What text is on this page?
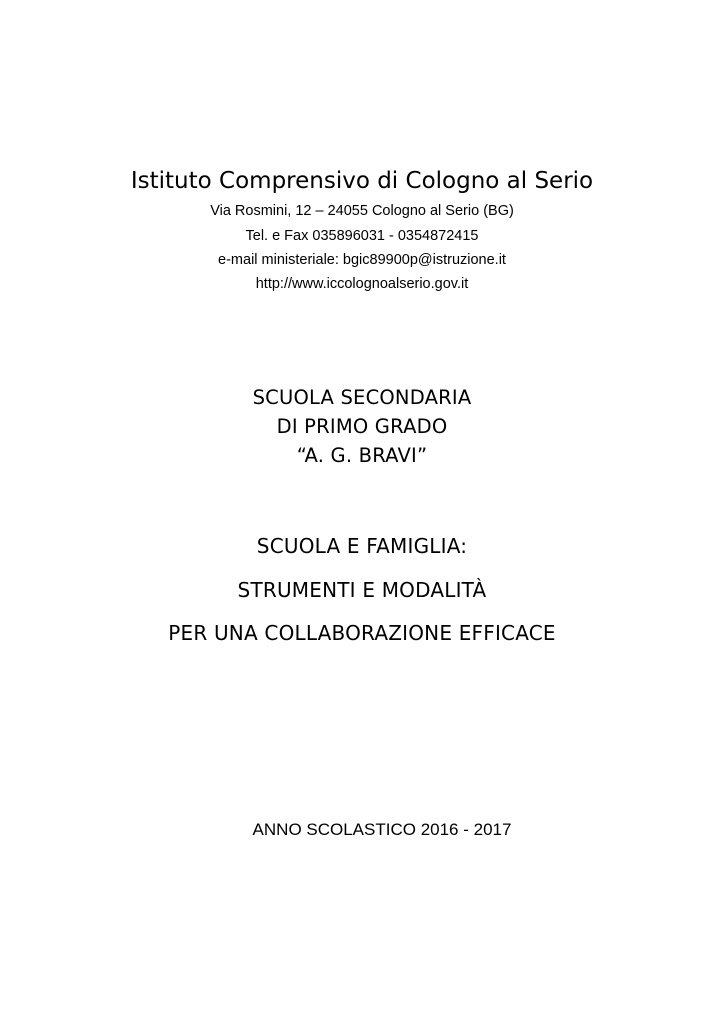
Istituto Comprensivo di Cologno al Serio
Via Rosmini, 12 – 24055 Cologno al Serio (BG)
Tel. e Fax 035896031 - 0354872415
e-mail ministeriale: bgic89900p@istruzione.it
http://www.iccolognoalserio.gov.it
SCUOLA SECONDARIA
DI PRIMO GRADO
“A. G. BRAVI”
SCUOLA E FAMIGLIA:
STRUMENTI E MODALITÀ
PER UNA COLLABORAZIONE EFFICACE
ANNO SCOLASTICO 2016 - 2017
